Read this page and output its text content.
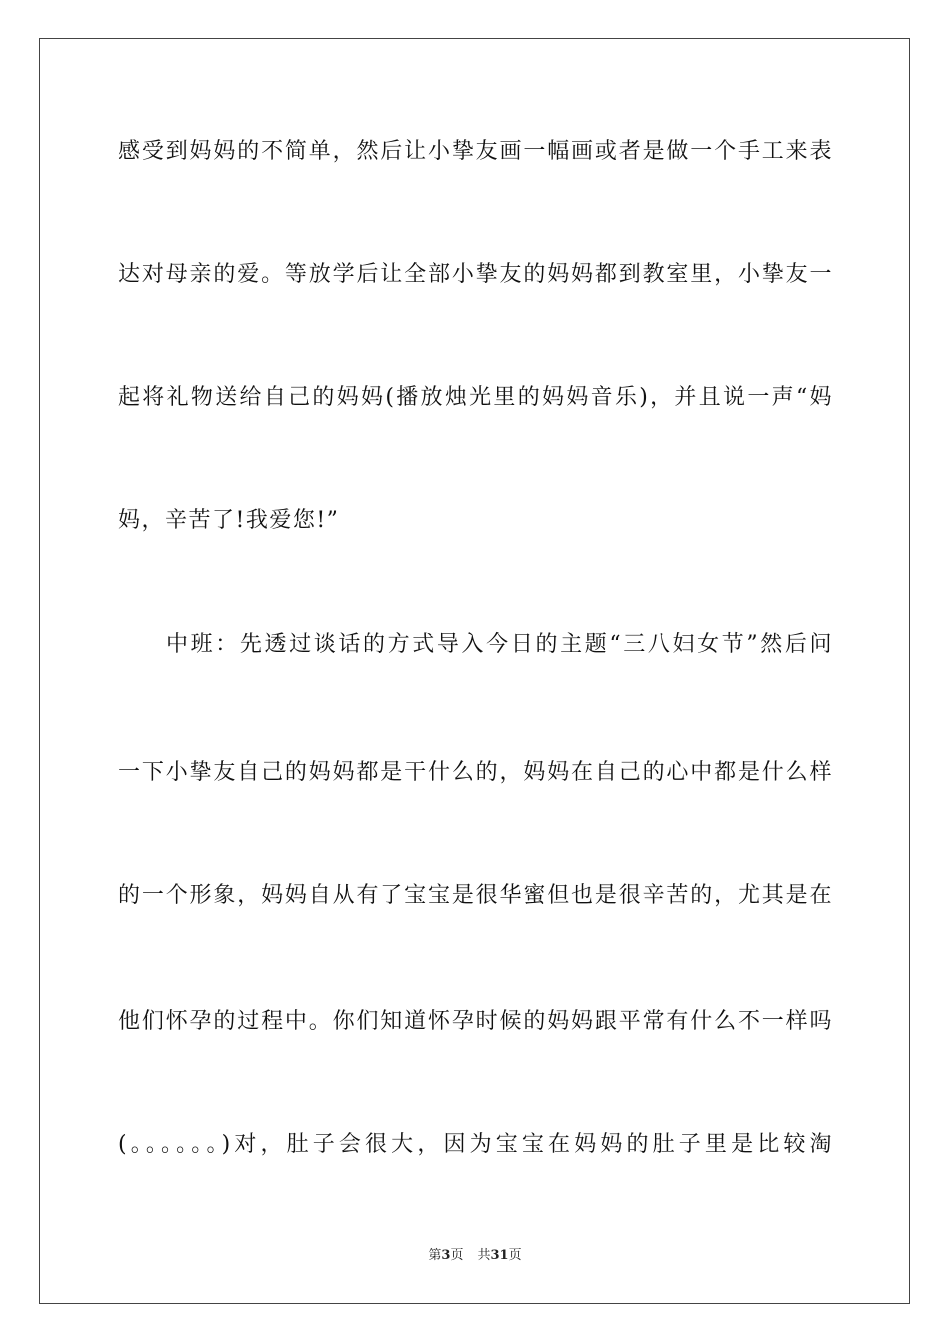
感受到妈妈的不简单，然后让小挚友画一幅画或者是做一个手工来表
达对母亲的爱。等放学后让全部小挚友的妈妈都到教室里，小挚友一
起将礼物送给自己的妈妈(播放烛光里的妈妈音乐)，并且说一声“妈
妈，辛苦了!我爱您!”
中班：先透过谈话的方式导入今日的主题“三八妇女节”然后问
一下小挚友自己的妈妈都是干什么的，妈妈在自己的心中都是什么样
的一个形象，妈妈自从有了宝宝是很华蜜但也是很辛苦的，尤其是在
他们怀孕的过程中。你们知道怀孕时候的妈妈跟平常有什么不一样吗
(。。。。。。)对，肚子会很大，因为宝宝在妈妈的肚子里是比较淘
第3页 共31页
